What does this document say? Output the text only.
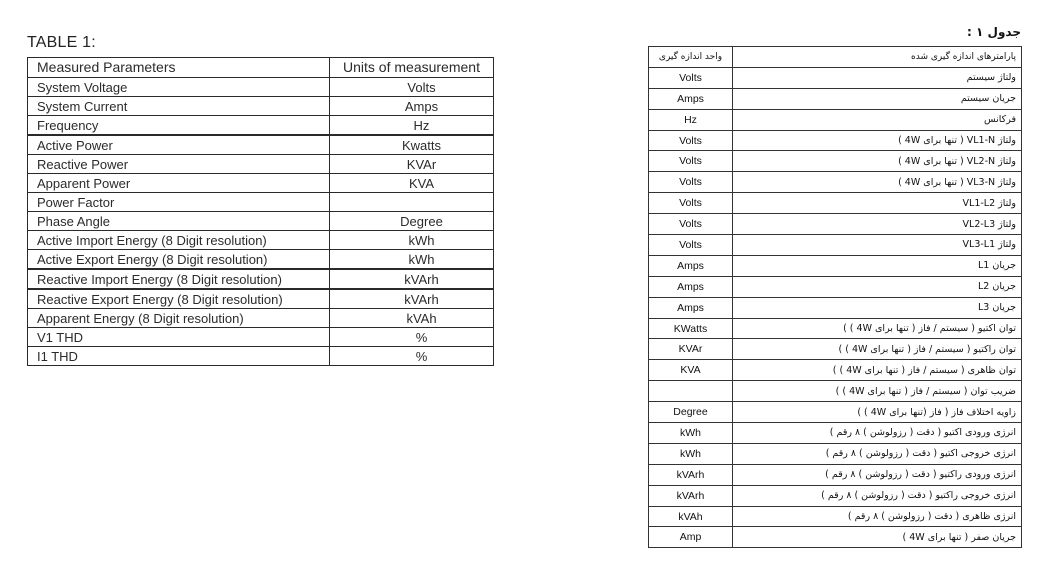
TABLE 1:
Measured Parameters	Units of measurement
System Voltage	Volts
System Current	Amps
Frequency	Hz
Active Power	Kwatts
Reactive Power	KVAr
Apparent Power	KVA
Power Factor	
Phase Angle	Degree
Active Import Energy (8 Digit resolution)	kWh
Active Export Energy (8 Digit resolution)	kWh
Reactive Import Energy (8 Digit resolution)	kVArh
Reactive Export Energy (8 Digit resolution)	kVArh
Apparent Energy (8 Digit resolution)	kVAh
V1 THD	%
I1 THD	%
جدول ۱ :
پارامترهای اندازه گیری شده	واحد اندازه گیری
ولتاژ سیستم	Volts
جریان سیستم	Amps
فرکانس	Hz
ولتاژ VL1-N ( تنها برای 4W )	Volts
ولتاژ VL2-N ( تنها برای 4W )	Volts
ولتاژ VL3-N ( تنها برای 4W )	Volts
ولتاژ VL1-L2	Volts
ولتاژ VL2-L3	Volts
ولتاژ VL3-L1	Volts
جریان L1	Amps
جریان L2	Amps
جریان L3	Amps
توان اکتیو ( سیستم / فاز ( تنها برای 4W ) )	KWatts
توان راکتیو ( سیستم / فاز ( تنها برای 4W ) )	KVAr
توان ظاهری ( سیستم / فاز ( تنها برای 4W ) )	KVA
ضریب توان ( سیستم / فاز ( تنها برای 4W ) )	
زاویه اختلاف فاز ( فاز (تنها برای 4W ) )	Degree
انرژی ورودی اکتیو ( دقت ( رزولوشن ) ۸ رقم )	kWh
انرژی خروجی اکتیو ( دقت ( رزولوشن ) ۸ رقم )	kWh
انرژی ورودی راکتیو ( دقت ( رزولوشن ) ۸ رقم )	kVArh
انرژی خروجی راکتیو ( دقت ( رزولوشن ) ۸ رقم )	kVArh
انرژی ظاهری ( دقت ( رزولوشن ) ۸ رقم )	kVAh
جریان صفر ( تنها برای 4W )	Amp
